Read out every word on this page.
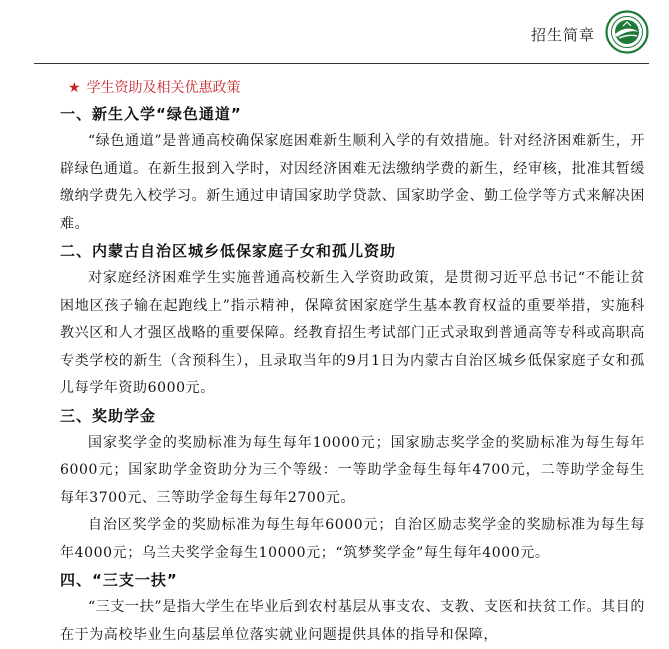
招生简章
★ 学生资助及相关优惠政策
一、新生入学“绿色通道”

“绿色通道”是普通高校确保家庭困难新生顺利入学的有效措施。针对经济困难新生，开辟绿色通道。在新生报到入学时，对因经济困难无法缴纳学费的新生，经审核，批准其暂缓缴纳学费先入校学习。新生通过申请国家助学贷款、国家助学金、勤工俭学等方式来解决困难。

二、内蒙古自治区城乡低保家庭子女和孤儿资助

对家庭经济困难学生实施普通高校新生入学资助政策，是贯彻习近平总书记“不能让贫困地区孩子输在起跑线上”指示精神，保障贫困家庭学生基本教育权益的重要举措，实施科教兴区和人才强区战略的重要保障。经教育招生考试部门正式录取到普通高等专科或高职高专类学校的新生（含预科生），且录取当年的9月1日为内蒙古自治区城乡低保家庭子女和孤儿每学年资助6000元。

三、奖助学金

国家奖学金的奖励标准为每生每年10000元；国家励志奖学金的奖励标准为每生每年6000元；国家助学金资助分为三个等级：一等助学金每生每年4700元，二等助学金每生每年3700元、三等助学金每生每年2700元。

自治区奖学金的奖励标准为每生每年6000元；自治区励志奖学金的奖励标准为每生每年4000元；乌兰夫奖学金每生10000元；“筑梦奖学金”每生每年4000元。

四、“三支一扶”

“三支一扶”是指大学生在毕业后到农村基层从事支农、支教、支医和扶贫工作。其目的在于为高校毕业生向基层单位落实就业问题提供具体的指导和保障，
